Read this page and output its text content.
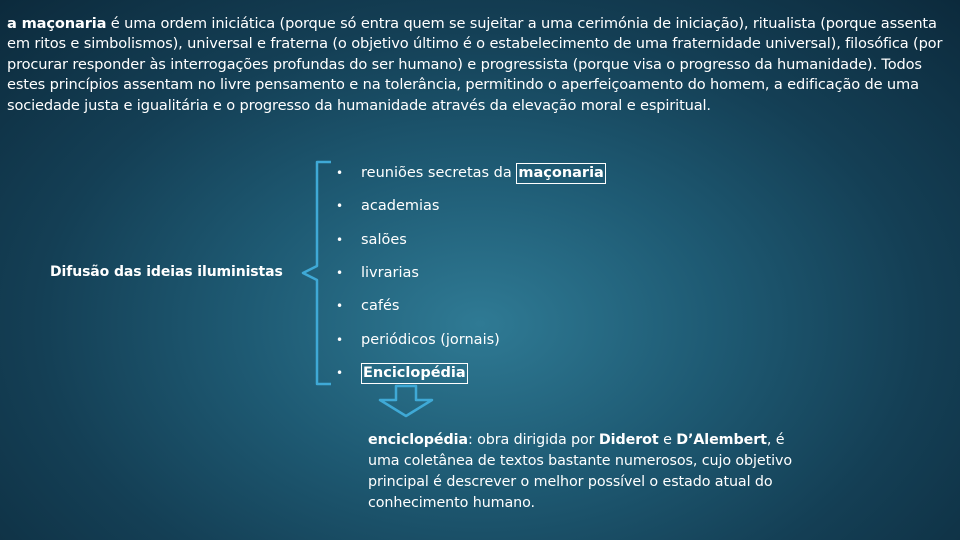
a maçonaria é uma ordem iniciática (porque só entra quem se sujeitar a uma cerimónia de iniciação), ritualista (porque assenta em ritos e simbolismos), universal e fraterna (o objetivo último é o estabelecimento de uma fraternidade universal), filosófica (por procurar responder às interrogações profundas do ser humano) e progressista (porque visa o progresso da humanidade). Todos estes princípios assentam no livre pensamento e na tolerância, permitindo o aperfeiçoamento do homem, a edificação de uma sociedade justa e igualitária e o progresso da humanidade através da elevação moral e espiritual.

Difusão das ideias iluministas
• reuniões secretas da maçonaria
• academias
• salões
• livrarias
• cafés
• periódicos (jornais)
• Enciclopédia

enciclopédia: obra dirigida por Diderot e D’Alembert, é uma coletânea de textos bastante numerosos, cujo objetivo principal é descrever o melhor possível o estado atual do conhecimento humano.
